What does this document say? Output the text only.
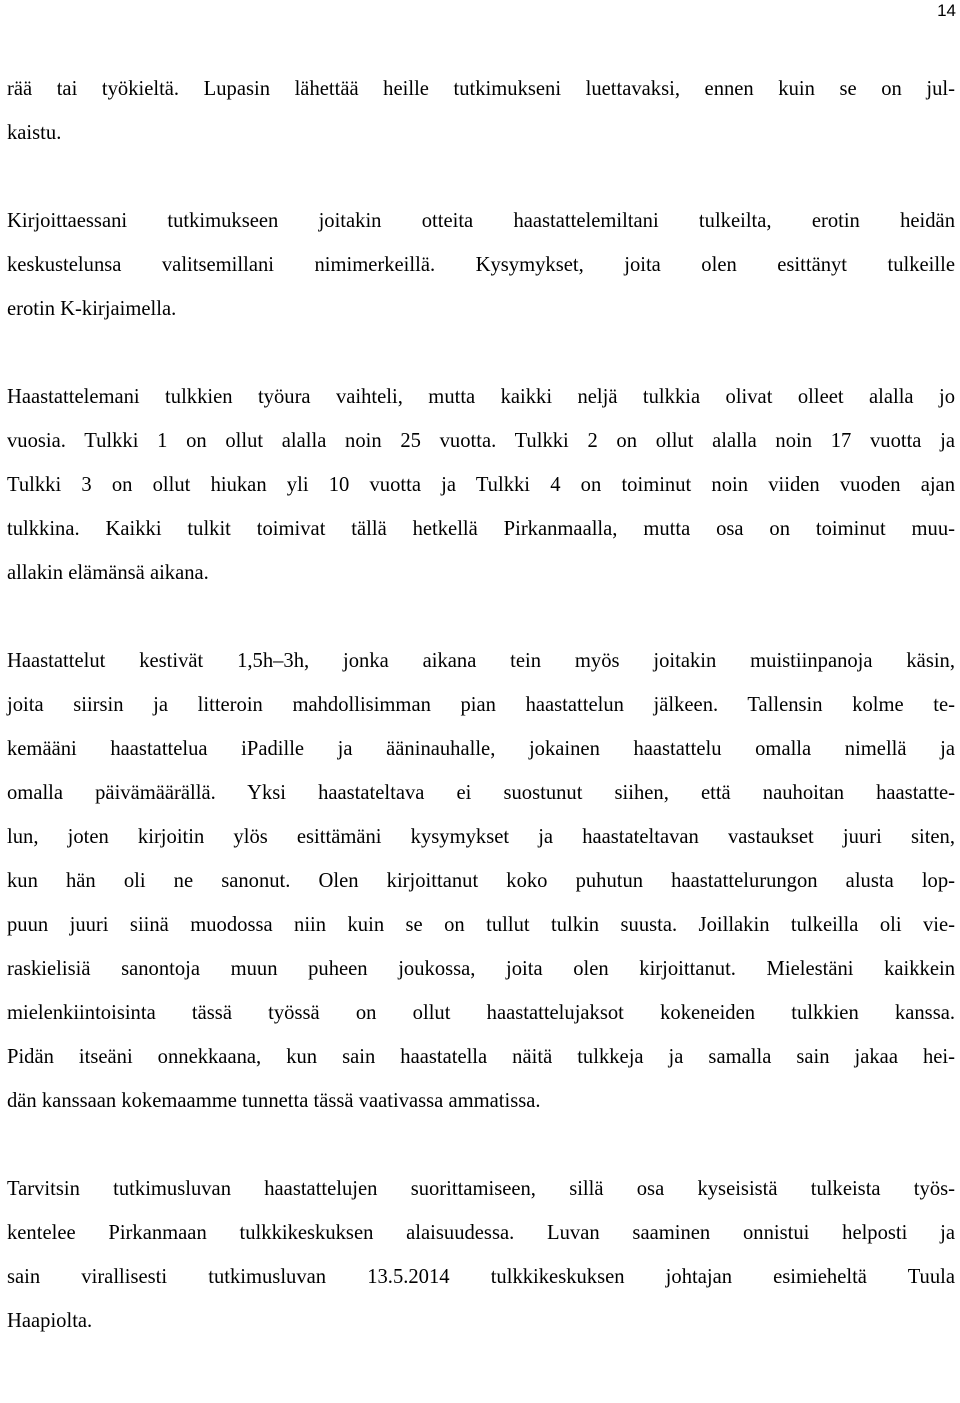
14

rää tai työkieltä. Lupasin lähettää heille tutkimukseni luettavaksi, ennen kuin se on jul-
kaistu.

Kirjoittaessani tutkimukseen joitakin otteita haastattelemiltani tulkeilta, erotin heidän
keskustelunsa valitsemillani nimimerkeillä. Kysymykset, joita olen esittänyt tulkeille
erotin K-kirjaimella.

Haastattelemani tulkkien työura vaihteli, mutta kaikki neljä tulkkia olivat olleet alalla jo
vuosia. Tulkki 1 on ollut alalla noin 25 vuotta. Tulkki 2 on ollut alalla noin 17 vuotta ja
Tulkki 3 on ollut hiukan yli 10 vuotta ja Tulkki 4 on toiminut noin viiden vuoden ajan
tulkkina. Kaikki tulkit toimivat tällä hetkellä Pirkanmaalla, mutta osa on toiminut muu-
allakin elämänsä aikana.

Haastattelut kestivät 1,5h–3h, jonka aikana tein myös joitakin muistiinpanoja käsin,
joita siirsin ja litteroin mahdollisimman pian haastattelun jälkeen. Tallensin kolme te-
kemääni haastattelua iPadille ja ääninauhalle, jokainen haastattelu omalla nimellä ja
omalla päivämäärällä. Yksi haastateltava ei suostunut siihen, että nauhoitan haastatte-
lun, joten kirjoitin ylös esittämäni kysymykset ja haastateltavan vastaukset juuri siten,
kun hän oli ne sanonut. Olen kirjoittanut koko puhutun haastattelurungon alusta lop-
puun juuri siinä muodossa niin kuin se on tullut tulkin suusta. Joillakin tulkeilla oli vie-
raskielisiä sanontoja muun puheen joukossa, joita olen kirjoittanut. Mielestäni kaikkein
mielenkiintoisinta tässä työssä on ollut haastattelujaksot kokeneiden tulkkien kanssa.
Pidän itseäni onnekkaana, kun sain haastatella näitä tulkkeja ja samalla sain jakaa hei-
dän kanssaan kokemaamme tunnetta tässä vaativassa ammatissa.

Tarvitsin tutkimusluvan haastattelujen suorittamiseen, sillä osa kyseisistä tulkeista työs-
kentelee Pirkanmaan tulkkikeskuksen alaisuudessa. Luvan saaminen onnistui helposti ja
sain virallisesti tutkimusluvan 13.5.2014 tulkkikeskuksen johtajan esimieheltä Tuula
Haapiolta.
